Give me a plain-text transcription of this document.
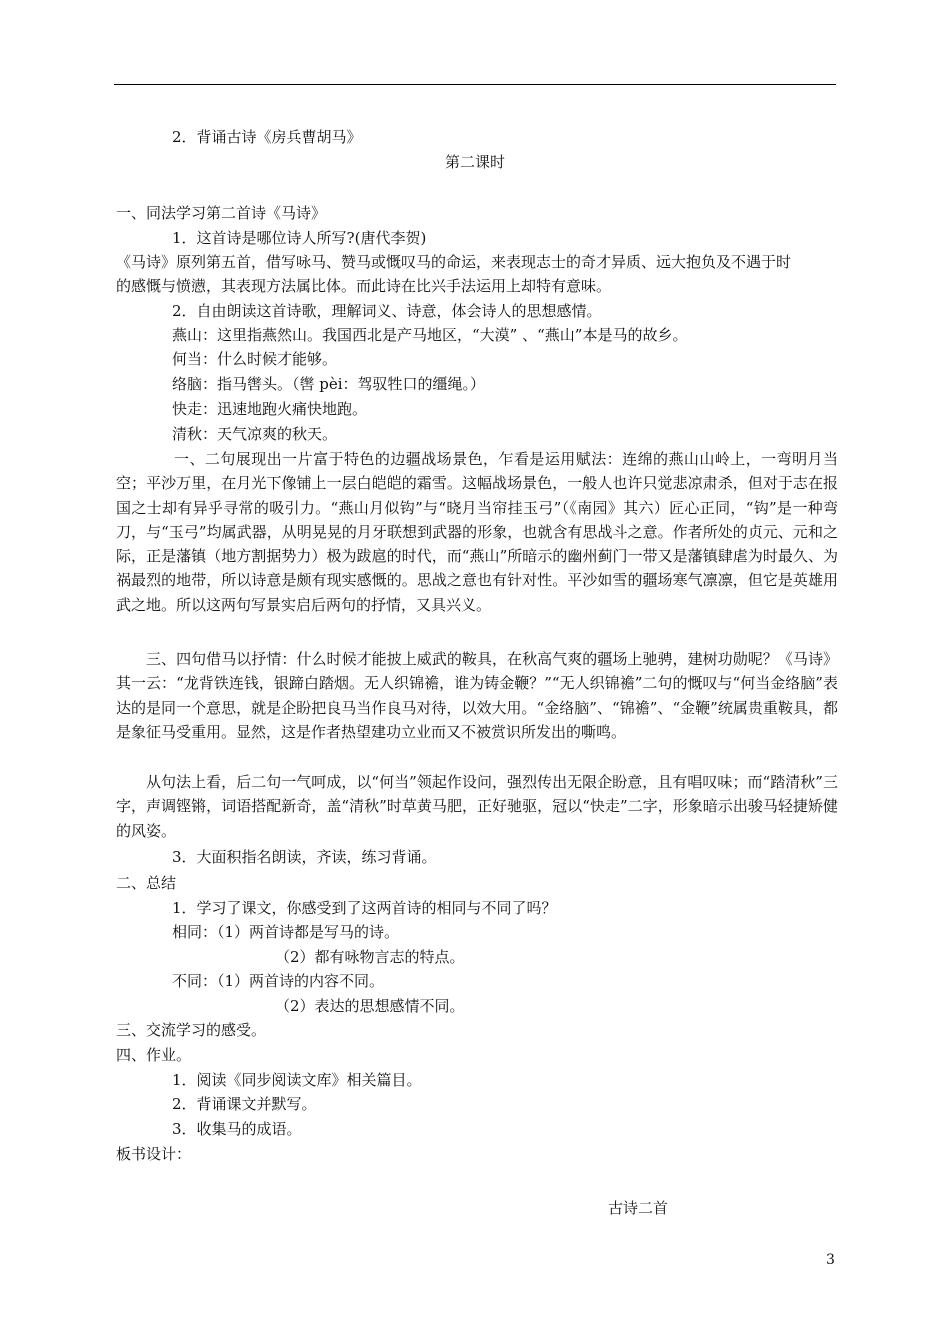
2．背诵古诗《房兵曹胡马》
第二课时
一、同法学习第二首诗《马诗》
1．这首诗是哪位诗人所写?(唐代李贺)
《马诗》原列第五首，借写咏马、赞马或慨叹马的命运，来表现志士的奇才异质、远大抱负及不遇于时
的感慨与愤懑，其表现方法属比体。而此诗在比兴手法运用上却特有意味。
2．自由朗读这首诗歌，理解词义、诗意，体会诗人的思想感情。
燕山：这里指燕然山。我国西北是产马地区，“大漠” 、“燕山”本是马的故乡。
何当：什么时候才能够。
络脑：指马辔头。（辔 pèi：驾驭牲口的缰绳。）
快走：迅速地跑火痛快地跑。
清秋：天气凉爽的秋天。

一、二句展现出一片富于特色的边疆战场景色，乍看是运用赋法：连绵的燕山山岭上，一弯明月当空；平沙万里，在月光下像铺上一层白皑皑的霜雪。这幅战场景色，一般人也许只觉悲凉肃杀，但对于志在报国之士却有异乎寻常的吸引力。“燕山月似钩”与“晓月当帘挂玉弓”（《南园》其六）匠心正同，“钩”是一种弯刀，与“玉弓”均属武器，从明晃晃的月牙联想到武器的形象，也就含有思战斗之意。作者所处的贞元、元和之际，正是藩镇（地方割据势力）极为跋扈的时代，而“燕山”所暗示的幽州蓟门一带又是藩镇肆虐为时最久、为祸最烈的地带，所以诗意是颇有现实感慨的。思战之意也有针对性。平沙如雪的疆场寒气凛凛，但它是英雄用武之地。所以这两句写景实启后两句的抒情，又具兴义。

三、四句借马以抒情：什么时候才能披上威武的鞍具，在秋高气爽的疆场上驰骋，建树功勋呢？《马诗》其一云：“龙背铁连钱，银蹄白踏烟。无人织锦襜，谁为铸金鞭？”“无人织锦襜”二句的慨叹与“何当金络脑”表达的是同一个意思，就是企盼把良马当作良马对待，以效大用。“金络脑”、“锦襜”、“金鞭”统属贵重鞍具，都是象征马受重用。显然，这是作者热望建功立业而又不被赏识所发出的嘶鸣。

从句法上看，后二句一气呵成，以“何当”领起作设问，强烈传出无限企盼意，且有唱叹味；而“踏清秋”三字，声调铿锵，词语搭配新奇，盖“清秋”时草黄马肥，正好驰驱，冠以“快走”二字，形象暗示出骏马轻捷矫健的风姿。

3．大面积指名朗读，齐读，练习背诵。
二、总结
1．学习了课文，你感受到了这两首诗的相同与不同了吗？
相同：（1）两首诗都是写马的诗。
（2）都有咏物言志的特点。
不同：（1）两首诗的内容不同。
（2）表达的思想感情不同。
三、交流学习的感受。
四、作业。
1．阅读《同步阅读文库》相关篇目。
2．背诵课文并默写。
3．收集马的成语。
板书设计：
古诗二首
3
